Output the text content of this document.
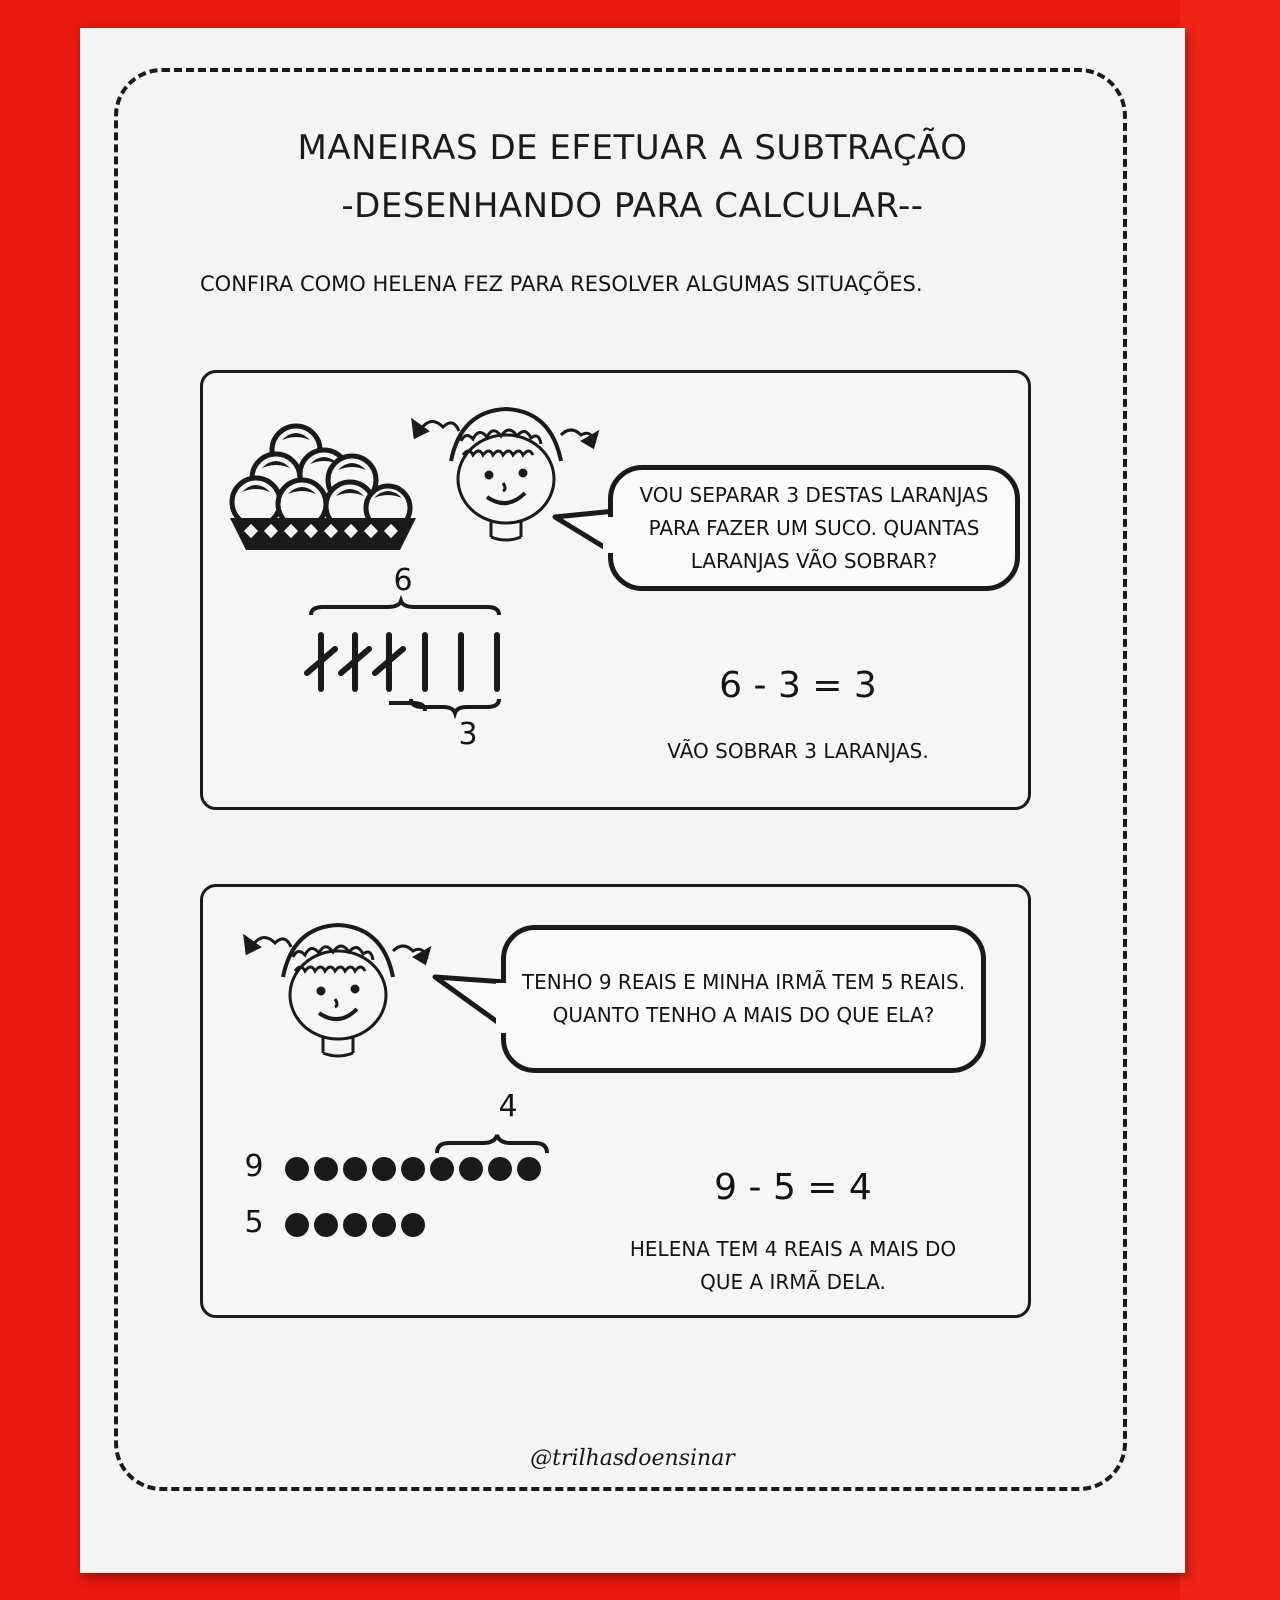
MANEIRAS DE EFETUAR A SUBTRAÇÃO
-DESENHANDO PARA CALCULAR--
CONFIRA COMO HELENA FEZ PARA RESOLVER ALGUMAS SITUAÇÕES.
VOU SEPARAR 3 DESTAS LARANJAS
PARA FAZER UM SUCO. QUANTAS
LARANJAS VÃO SOBRAR?
6
3
6 - 3 = 3
VÃO SOBRAR 3 LARANJAS.
TENHO 9 REAIS E MINHA IRMÃ TEM 5 REAIS.
QUANTO TENHO A MAIS DO QUE ELA?
4
9
5
9 - 5 = 4
HELENA TEM 4 REAIS A MAIS DO
QUE A IRMÃ DELA.
@trilhasdoensinar
